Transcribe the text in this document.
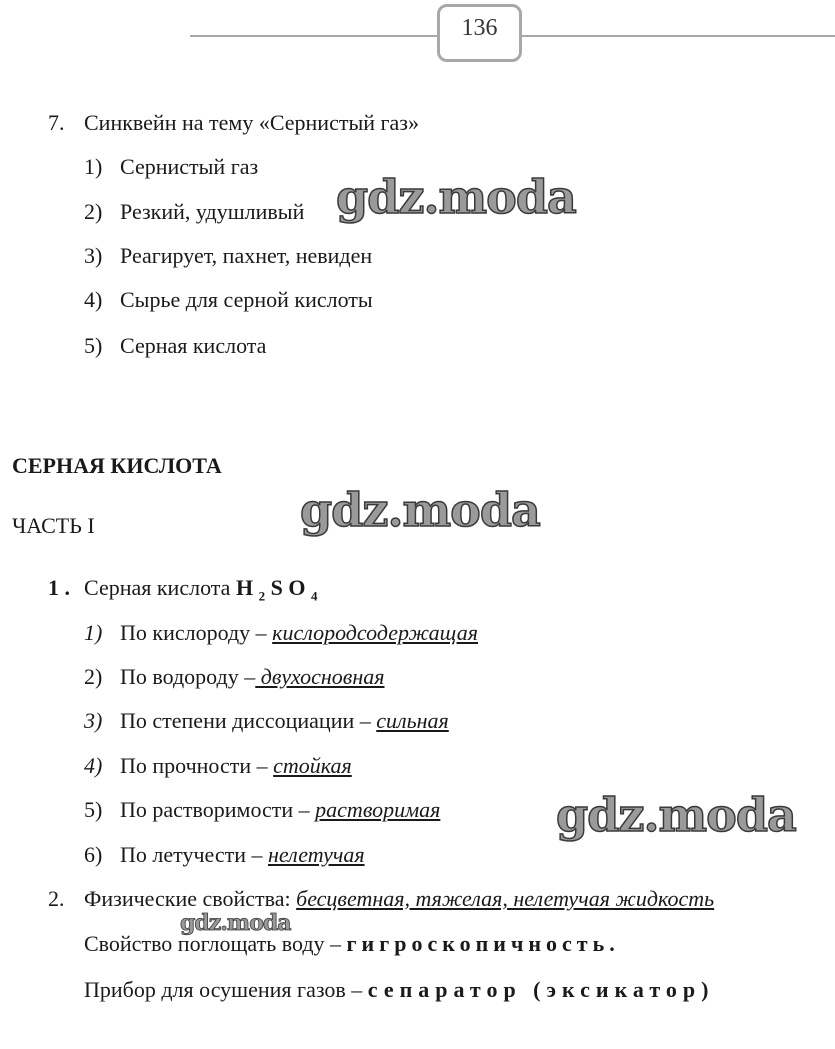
136
7. Синквейн на тему «Сернистый газ»
1) Сернистый газ
2) Резкий, удушливый
3) Реагирует, пахнет, невиден
4) Сырье для серной кислоты
5) Серная кислота
СЕРНАЯ КИСЛОТА
ЧАСТЬ I
1 . Серная кислота H $_2$ S O $_4$
1) По кислороду – кислородсодержащая
2) По водороду – двухосновная
3) По степени диссоциации – сильная
4) По прочности – стойкая
5) По растворимости – растворимая
6) По летучести – нелетучая
2. Физические свойства: бесцветная, тяжелая, нелетучая жидкость
Свойство поглощать воду – гигроскопичность.
Прибор для осушения газов – сепаратор (эксикатор)
gdz.moda
gdz.moda
gdz.moda
gdz.moda
